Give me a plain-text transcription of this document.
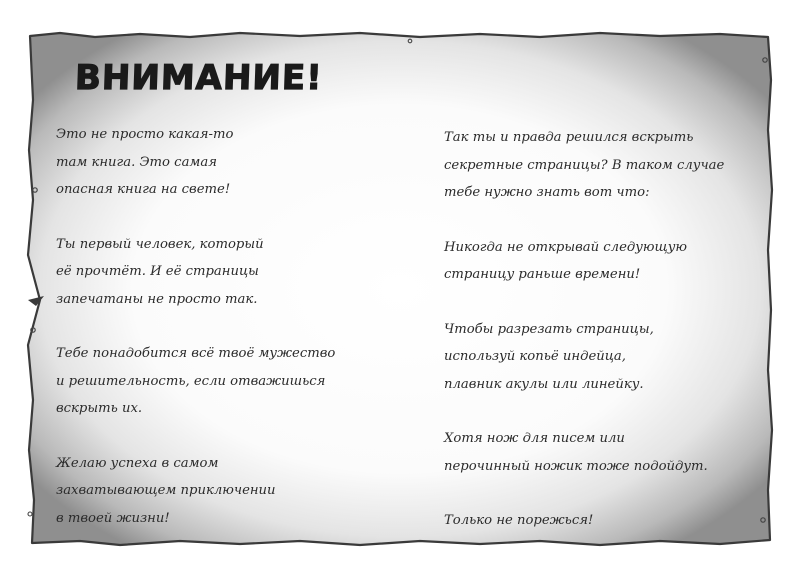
ВНИМАНИЕ!

Это не просто какая-то
там книга. Это самая
опасная книга на свете!

Ты первый человек, который
её прочтёт. И её страницы
запечатаны не просто так.

Тебе понадобится всё твоё мужество
и решительность, если отважишься
вскрыть их.

Желаю успеха в самом
захватывающем приключении
в твоей жизни!

Так ты и правда решился вскрыть
секретные страницы? В таком случае
тебе нужно знать вот что:

Никогда не открывай следующую
страницу раньше времени!

Чтобы разрезать страницы,
используй копьё индейца,
плавник акулы или линейку.

Хотя нож для писем или
перочинный ножик тоже подойдут.

Только не порежься!
